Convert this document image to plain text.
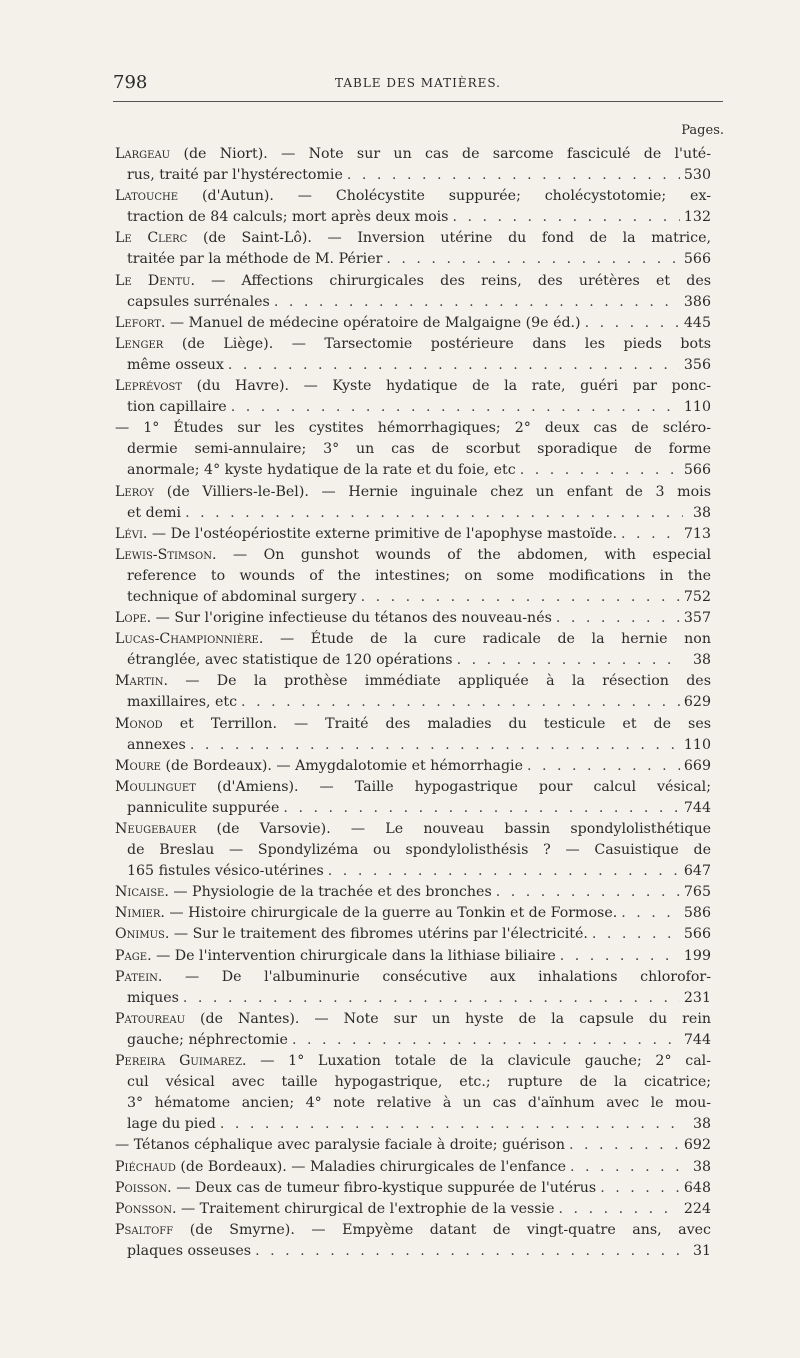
798	TABLE DES MATIÈRES.
Pages.
Largeau (de Niort). — Note sur un cas de sarcome fasciculé de l'uté-
rus, traité par l'hystérectomie . . .	530
Latouche (d'Autun). — Cholécystite suppurée; cholécystotomie; ex-
traction de 84 calculs; mort après deux mois . . .	132
Le Clerc (de Saint-Lô). — Inversion utérine du fond de la matrice,
traitée par la méthode de M. Périer . . .	566
Le Dentu. — Affections chirurgicales des reins, des urétères et des
capsules surrénales . . .	386
Lefort. — Manuel de médecine opératoire de Malgaigne (9e éd.) . . .	445
Lenger (de Liège). — Tarsectomie postérieure dans les pieds bots
même osseux . . .	356
Leprévost (du Havre). — Kyste hydatique de la rate, guéri par ponc-
tion capillaire . . .	110
— 1° Études sur les cystites hémorrhagiques; 2° deux cas de scléro-
dermie semi-annulaire; 3° un cas de scorbut sporadique de forme
anormale; 4° kyste hydatique de la rate et du foie, etc . . .	566
Leroy (de Villiers-le-Bel). — Hernie inguinale chez un enfant de 3 mois
et demi . . .	38
Lévi. — De l'ostéopériostite externe primitive de l'apophyse mastoïde. . . .	713
Lewis-Stimson. — On gunshot wounds of the abdomen, with especial
reference to wounds of the intestines; on some modifications in the
technique of abdominal surgery . . .	752
Lope. — Sur l'origine infectieuse du tétanos des nouveau-nés . . .	357
Lucas-Championnière. — Étude de la cure radicale de la hernie non
étranglée, avec statistique de 120 opérations . . .	38
Martin. — De la prothèse immédiate appliquée à la résection des
maxillaires, etc . . .	629
Monod et Terrillon. — Traité des maladies du testicule et de ses
annexes . . .	110
Moure (de Bordeaux). — Amygdalotomie et hémorrhagie . . .	669
Moulinguet (d'Amiens). — Taille hypogastrique pour calcul vésical;
panniculite suppurée . . .	744
Neugebauer (de Varsovie). — Le nouveau bassin spondylolisthétique
de Breslau — Spondylizéma ou spondylolisthésis ? — Casuistique de
165 fistules vésico-utérines . . .	647
Nicaise. — Physiologie de la trachée et des bronches . . .	765
Nimier. — Histoire chirurgicale de la guerre au Tonkin et de Formose. . . .	586
Onimus. — Sur le traitement des fibromes utérins par l'électricité. . . .	566
Page. — De l'intervention chirurgicale dans la lithiase biliaire . . .	199
Patein. — De l'albuminurie consécutive aux inhalations chlorofor-
miques . . .	231
Patoureau (de Nantes). — Note sur un hyste de la capsule du rein
gauche; néphrectomie . . .	744
Pereira Guimarez. — 1° Luxation totale de la clavicule gauche; 2° cal-
cul vésical avec taille hypogastrique, etc.; rupture de la cicatrice;
3° hématome ancien; 4° note relative à un cas d'aïnhum avec le mou-
lage du pied . . .	38
— Tétanos céphalique avec paralysie faciale à droite; guérison . . .	692
Piéchaud (de Bordeaux). — Maladies chirurgicales de l'enfance . . .	38
Poisson. — Deux cas de tumeur fibro-kystique suppurée de l'utérus . . .	648
Ponsson. — Traitement chirurgical de l'extrophie de la vessie . . .	224
Psaltoff (de Smyrne). — Empyème datant de vingt-quatre ans, avec
plaques osseuses . . .	31
